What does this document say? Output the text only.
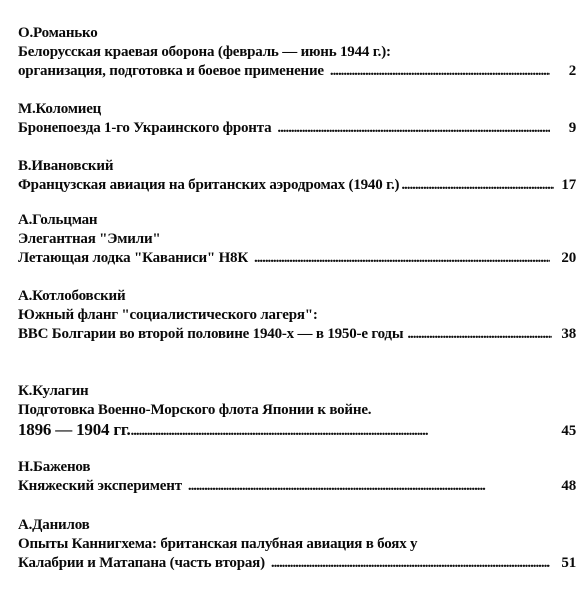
О.Романько
Белорусская краевая оборона (февраль — июнь 1944 г.):
организация, подготовка и боевое применение . . .	2
М.Коломиец
Бронепоезда 1-го Украинского фронта . . .	9
В.Ивановский
Французская авиация на британских аэродромах (1940 г.) . . .	17
А.Гольцман
Элегантная "Эмили"
Летающая лодка "Каваниси" Н8К . . .	20
А.Котлобовский
Южный фланг "социалистического лагеря":
ВВС Болгарии во второй половине 1940-х — в 1950-е годы . . .	38
К.Кулагин
Подготовка Военно-Морского флота Японии к войне.
1896 — 1904 гг. . . .	45
Н.Баженов
Княжеский эксперимент . . .	48
А.Данилов
Опыты Каннигхема: британская палубная авиация в боях у
Калабрии и Матапана (часть вторая) . . .	51
